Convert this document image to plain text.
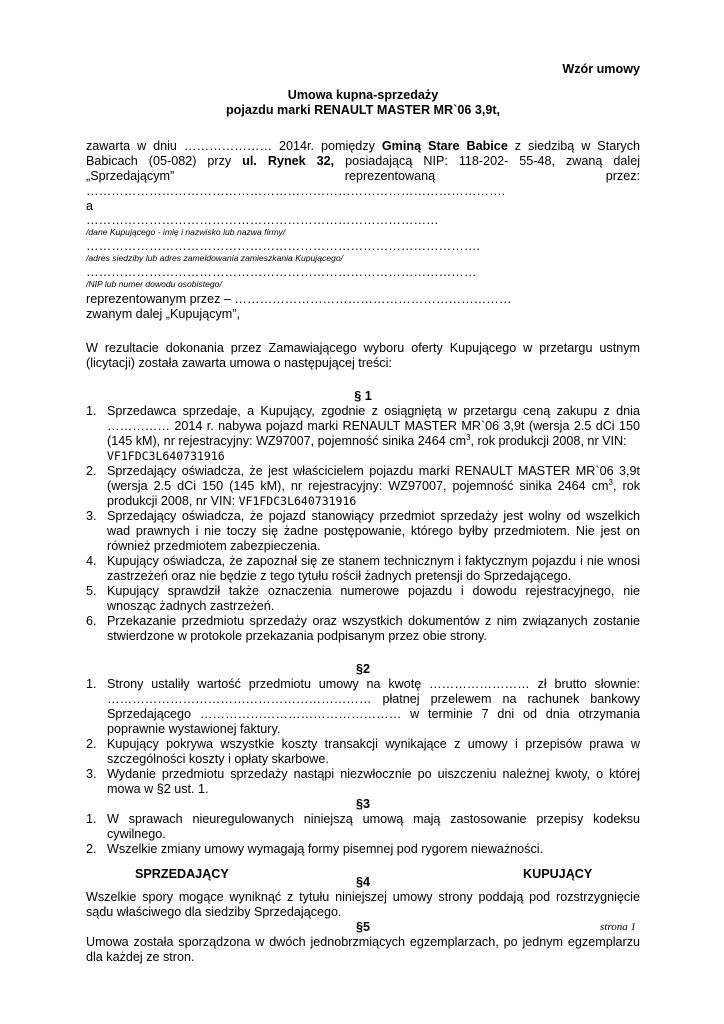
Wzór umowy
Umowa kupna-sprzedaży
pojazdu marki RENAULT MASTER MR`06 3,9t,
zawarta w dniu ………………… 2014r. pomiędzy Gminą Stare Babice z siedzibą w Starych Babicach (05-082) przy ul. Rynek 32, posiadającą NIP: 118-202- 55-48, zwaną dalej „Sprzedającym” reprezentowaną przez: ……………………………………………………………………………………….
a
…………………………………………………………………………
/dane Kupującego - imię i nazwisko lub nazwa firmy/
………………………………………………………………………………….
/adres siedziby lub adres zameldowania zamieszkania Kupującego/
…………………………………………………………………………………
/NIP lub numer dowodu osobistego/
reprezentowanym przez – …………………………………………………………
zwanym dalej „Kupującym”,
W rezultacie dokonania przez Zamawiającego wyboru oferty Kupującego w przetargu ustnym (licytacji) została zawarta umowa o następującej treści:
§ 1
1. Sprzedawca sprzedaje, a Kupujący, zgodnie z osiągniętą w przetargu ceną zakupu z dnia …………… 2014 r. nabywa pojazd marki RENAULT MASTER MR`06 3,9t (wersja 2.5 dCi 150 (145 kM), nr rejestracyjny: WZ97007, pojemność sinika 2464 $cm^3$, rok produkcji 2008, nr VIN:
VF1FDC3L640731916
2. Sprzedający oświadcza, że jest właścicielem pojazdu marki RENAULT MASTER MR`06 3,9t (wersja 2.5 dCi 150 (145 kM), nr rejestracyjny: WZ97007, pojemność sinika 2464 $cm^3$, rok produkcji 2008, nr VIN: VF1FDC3L640731916
3. Sprzedający oświadcza, że pojazd stanowiący przedmiot sprzedaży jest wolny od wszelkich wad prawnych i nie toczy się żadne postępowanie, którego byłby przedmiotem. Nie jest on również przedmiotem zabezpieczenia.
4. Kupujący oświadcza, że zapoznał się ze stanem technicznym i faktycznym pojazdu i nie wnosi zastrzeżeń oraz nie będzie z tego tytułu rościł żadnych pretensji do Sprzedającego.
5. Kupujący sprawdził także oznaczenia numerowe pojazdu i dowodu rejestracyjnego, nie wnosząc żadnych zastrzeżeń.
6. Przekazanie przedmiotu sprzedaży oraz wszystkich dokumentów z nim związanych zostanie stwierdzone w protokole przekazania podpisanym przez obie strony.
§2
1. Strony ustaliły wartość przedmiotu umowy na kwotę …………………… zł brutto słownie: ……………………………………………………… płatnej przelewem na rachunek bankowy Sprzedającego ………………………………………… w terminie 7 dni od dnia otrzymania poprawnie wystawionej faktury.
2. Kupujący pokrywa wszystkie koszty transakcji wynikające z umowy i przepisów prawa w szczególności koszty i opłaty skarbowe.
3. Wydanie przedmiotu sprzedaży nastąpi niezwłocznie po uiszczeniu należnej kwoty, o której mowa w §2 ust. 1.
§3
1. W sprawach nieuregulowanych niniejszą umową mają zastosowanie przepisy kodeksu cywilnego.
2. Wszelkie zmiany umowy wymagają formy pisemnej pod rygorem nieważności.
§4
Wszelkie spory mogące wyniknąć z tytułu niniejszej umowy strony poddają pod rozstrzygnięcie sądu właściwego dla siedziby Sprzedającego.
§5
Umowa została sporządzona w dwóch jednobrzmiących egzemplarzach, po jednym egzemplarzu dla każdej ze stron.
SPRZEDAJĄCY	KUPUJĄCY
strona 1
